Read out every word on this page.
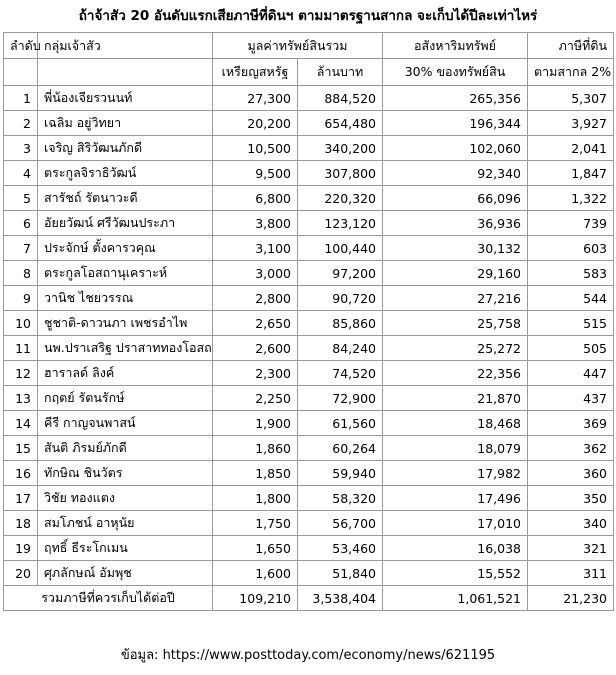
ถ้าจ้าสัว 20 อันดับแรกเสียภาษีที่ดินฯ ตามมาตรฐานสากล จะเก็บได้ปีละเท่าไหร่
ลำดับ	กลุ่มเจ้าสัว	มูลค่าทรัพย์สินรวม		อสังหาริมทรัพย์	ภาษีที่ดิน
		เหรียญสหรัฐ	ล้านบาท	30% ของทรัพย์สิน	ตามสากล 2%
1	พี่น้องเจียรวนนท์	27,300	884,520	265,356	5,307
2	เฉลิม อยู่วิทยา	20,200	654,480	196,344	3,927
3	เจริญ สิริวัฒนภักดี	10,500	340,200	102,060	2,041
4	ตระกูลจิราธิวัฒน์	9,500	307,800	92,340	1,847
5	สารัชถ์ รัตนาวะดี	6,800	220,320	66,096	1,322
6	อัยยวัฒน์ ศรีวัฒนประภา	3,800	123,120	36,936	739
7	ประจักษ์ ตั้งคารวคุณ	3,100	100,440	30,132	603
8	ตระกูลโอสถานุเคราะห์	3,000	97,200	29,160	583
9	วานิช ไชยวรรณ	2,800	90,720	27,216	544
10	ชูชาติ-ดาวนภา เพชรอำไพ	2,650	85,860	25,758	515
11	นพ.ปราเสริฐ ปราสาททองโอสถ	2,600	84,240	25,272	505
12	ฮาราลด์ ลิงค์	2,300	74,520	22,356	447
13	กฤตย์ รัตนรักษ์	2,250	72,900	21,870	437
14	คีรี กาญจนพาสน์	1,900	61,560	18,468	369
15	สันติ ภิรมย์ภักดี	1,860	60,264	18,079	362
16	ทักษิณ ชินวัตร	1,850	59,940	17,982	360
17	วิชัย ทองแตง	1,800	58,320	17,496	350
18	สมโภชน์ อาหุนัย	1,750	56,700	17,010	340
19	ฤทธิ์ ธีระโกเมน	1,650	53,460	16,038	321
20	ศุภลักษณ์ อัมพุช	1,600	51,840	15,552	311
รวมภาษีที่ควรเก็บได้ต่อปี		109,210	3,538,404	1,061,521	21,230
ข้อมูล: https://www.posttoday.com/economy/news/621195
